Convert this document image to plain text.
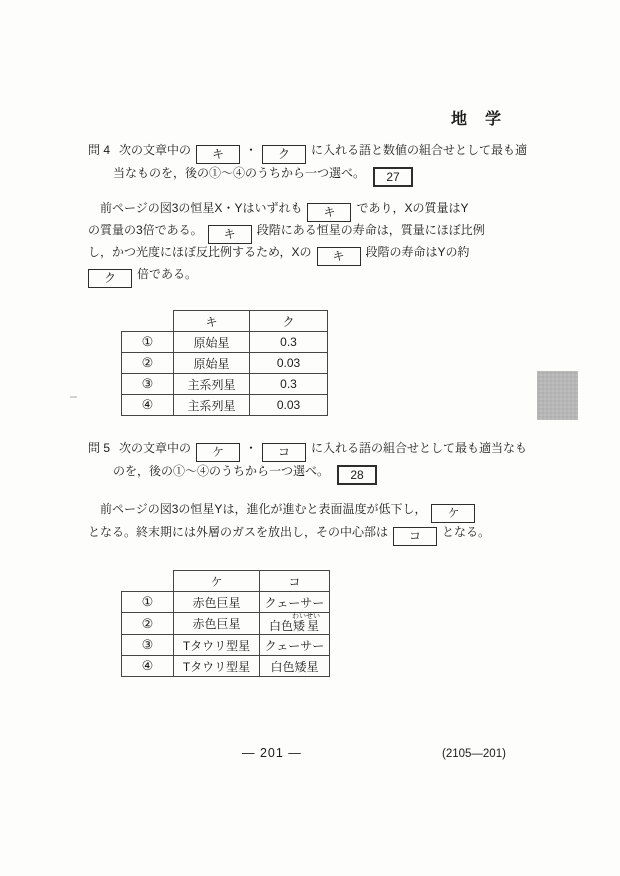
地　学
問 4 次の文章中の キ ・ ク に入れる語と数値の組合せとして最も適
当なものを，後の①～④のうちから一つ選べ。 27
　前ページの図3の恒星X・Yはいずれも キ であり，Xの質量はY
の質量の3倍である。 キ 段階にある恒星の寿命は，質量にほぼ比例
し，かつ光度にほぼ反比例するため，Xの キ 段階の寿命はYの約
ク 倍である。
	キ	ク
①	原始星	0.3
②	原始星	0.03
③	主系列星	0.3
④	主系列星	0.03
問 5 次の文章中の ケ ・ コ に入れる語の組合せとして最も適当なも
のを，後の①～④のうちから一つ選べ。 28
　前ページの図3の恒星Yは，進化が進むと表面温度が低下し， ケ
となる。終末期には外層のガスを放出し，その中心部は コ となる。
	ケ	コ
①	赤色巨星	クェーサー
②	赤色巨星	白色矮星わいせい
③	Tタウリ型星	クェーサー
④	Tタウリ型星	白色矮星
— 201 —	(2105—201)
